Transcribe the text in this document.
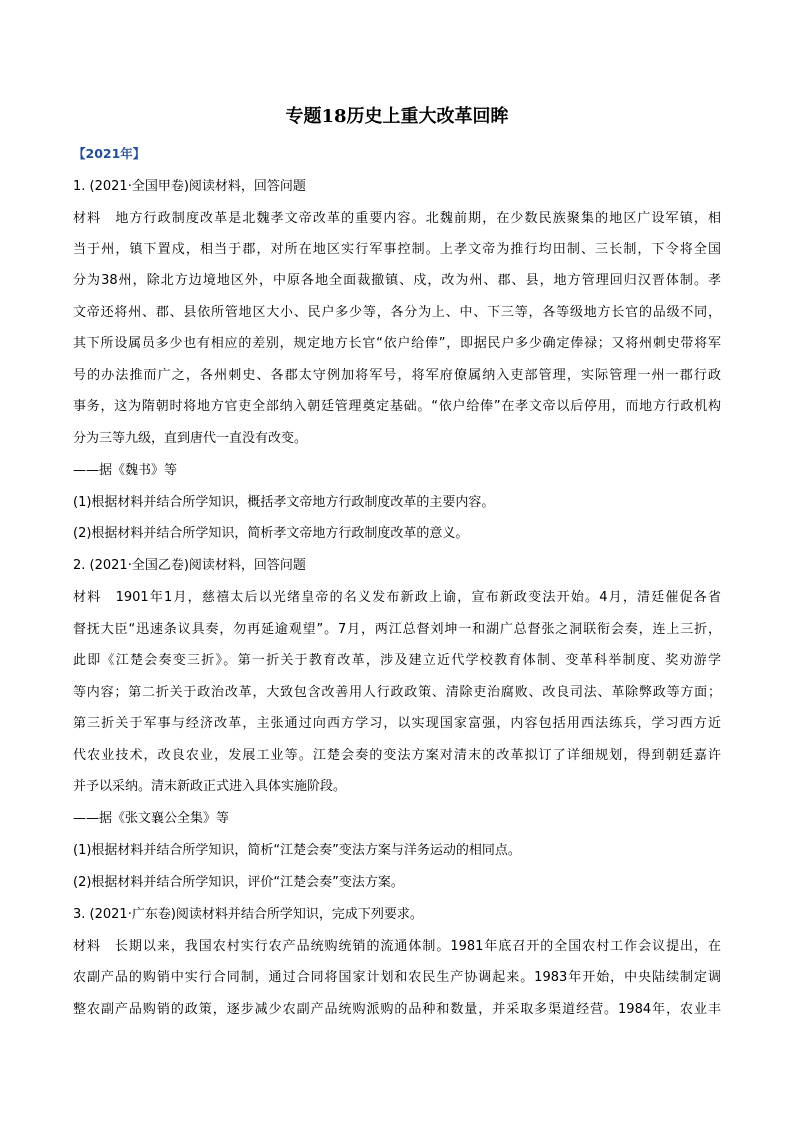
专题18历史上重大改革回眸
【2021年】
1. (2021·全国甲卷)阅读材料，回答问题
材料　地方行政制度改革是北魏孝文帝改革的重要内容。北魏前期，在少数民族聚集的地区广设军镇，相
当于州，镇下置戍，相当于郡，对所在地区实行军事控制。上孝文帝为推行均田制、三长制，下令将全国
分为38州，除北方边境地区外，中原各地全面裁撤镇、戍，改为州、郡、县，地方管理回归汉晋体制。孝
文帝还将州、郡、县依所管地区大小、民户多少等，各分为上、中、下三等，各等级地方长官的品级不同，
其下所设属员多少也有相应的差别，规定地方长官“依户给俸”，即据民户多少确定俸禄；又将州刺史带将军
号的办法推而广之，各州刺史、各郡太守例加将军号，将军府僚属纳入吏部管理，实际管理一州一郡行政
事务，这为隋朝时将地方官吏全部纳入朝廷管理奠定基础。“依户给俸”在孝文帝以后停用，而地方行政机构
分为三等九级，直到唐代一直没有改变。
——据《魏书》等
(1)根据材料并结合所学知识，概括孝文帝地方行政制度改革的主要内容。
(2)根据材料并结合所学知识，简析孝文帝地方行政制度改革的意义。
2. (2021·全国乙卷)阅读材料，回答问题
材料　1901年1月，慈禧太后以光绪皇帝的名义发布新政上谕，宣布新政变法开始。4月，清廷催促各省
督抚大臣“迅速条议具奏，勿再延逾观望”。7月，两江总督刘坤一和湖广总督张之洞联衔会奏，连上三折，
此即《江楚会奏变三折》。第一折关于教育改革，涉及建立近代学校教育体制、变革科举制度、奖劝游学
等内容；第二折关于政治改革，大致包含改善用人行政政策、清除吏治腐败、改良司法、革除弊政等方面；
第三折关于军事与经济改革，主张通过向西方学习，以实现国家富强，内容包括用西法练兵，学习西方近
代农业技术，改良农业，发展工业等。江楚会奏的变法方案对清末的改革拟订了详细规划，得到朝廷嘉许
并予以采纳。清末新政正式进入具体实施阶段。
——据《张文襄公全集》等
(1)根据材料并结合所学知识，简析“江楚会奏”变法方案与洋务运动的相同点。
(2)根据材料并结合所学知识，评价“江楚会奏”变法方案。
3. (2021·广东卷)阅读材料并结合所学知识，完成下列要求。
材料　长期以来，我国农村实行农产品统购统销的流通体制。1981年底召开的全国农村工作会议提出，在
农副产品的购销中实行合同制，通过合同将国家计划和农民生产协调起来。1983年开始，中央陆续制定调
整农副产品购销的政策，逐步减少农副产品统购派购的品种和数量，并采取多渠道经营。1984年，农业丰
